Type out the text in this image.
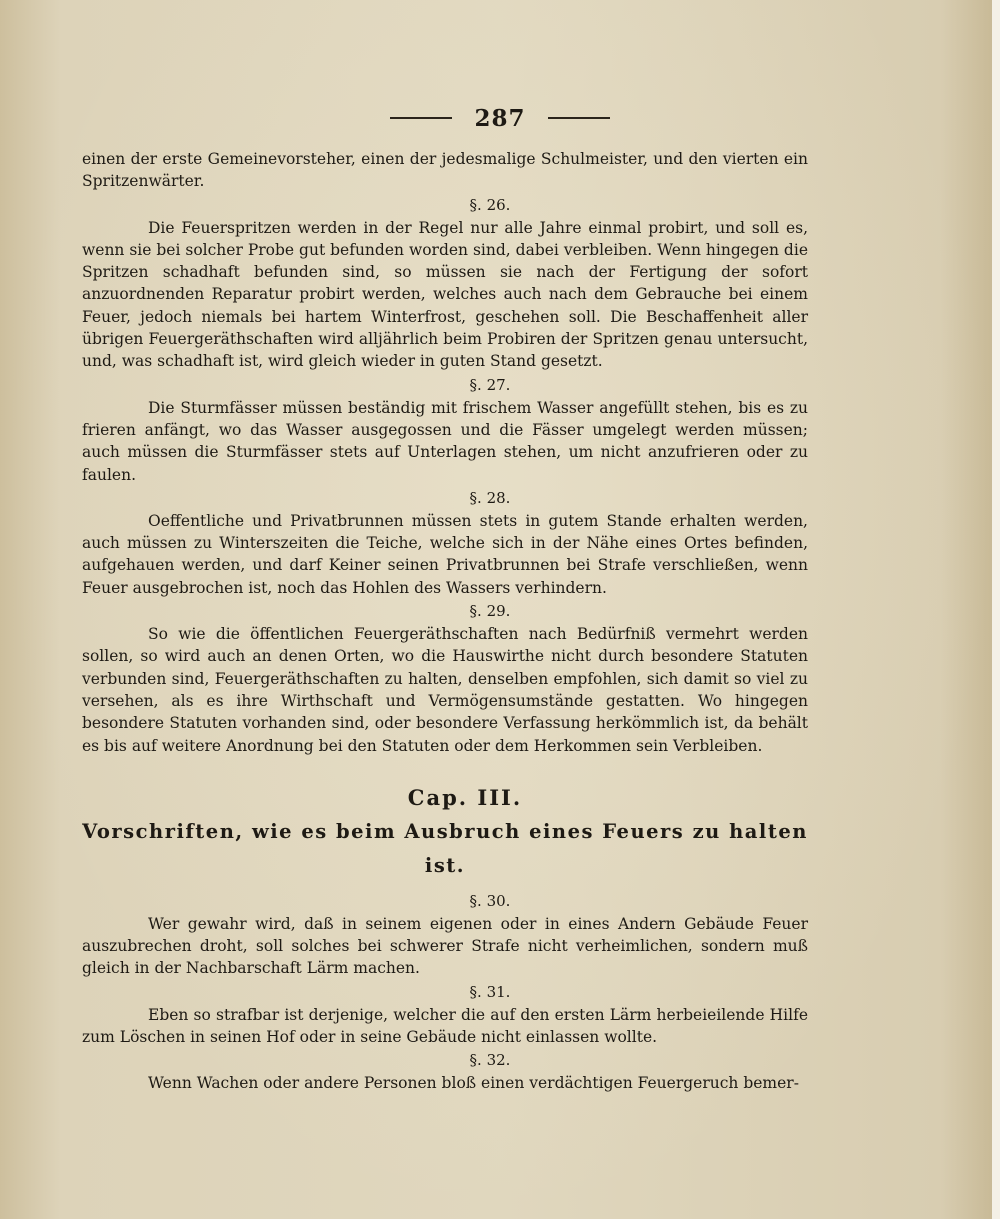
287

einen der erste Gemeinevorsteher, einen der jedesmalige Schulmeister, und den vierten ein Spritzenwärter.

§. 26.

Die Feuerspritzen werden in der Regel nur alle Jahre einmal probirt, und soll es, wenn sie bei solcher Probe gut befunden worden sind, dabei verbleiben. Wenn hingegen die Spritzen schadhaft befunden sind, so müssen sie nach der Fertigung der sofort anzuordnenden Reparatur probirt werden, welches auch nach dem Gebrauche bei einem Feuer, jedoch niemals bei hartem Winterfrost, geschehen soll. Die Beschaffenheit aller übrigen Feuergeräthschaften wird alljährlich beim Probiren der Spritzen genau untersucht, und, was schadhaft ist, wird gleich wieder in guten Stand gesetzt.

§. 27.

Die Sturmfässer müssen beständig mit frischem Wasser angefüllt stehen, bis es zu frieren anfängt, wo das Wasser ausgegossen und die Fässer umgelegt werden müssen; auch müssen die Sturmfässer stets auf Unterlagen stehen, um nicht anzufrieren oder zu faulen.

§. 28.

Oeffentliche und Privatbrunnen müssen stets in gutem Stande erhalten werden, auch müssen zu Winterszeiten die Teiche, welche sich in der Nähe eines Ortes befinden, aufgehauen werden, und darf Keiner seinen Privatbrunnen bei Strafe verschließen, wenn Feuer ausgebrochen ist, noch das Hohlen des Wassers verhindern.

§. 29.

So wie die öffentlichen Feuergeräthschaften nach Bedürfniß vermehrt werden sollen, so wird auch an denen Orten, wo die Hauswirthe nicht durch besondere Statuten verbunden sind, Feuergeräthschaften zu halten, denselben empfohlen, sich damit so viel zu versehen, als es ihre Wirthschaft und Vermögensumstände gestatten. Wo hingegen besondere Statuten vorhanden sind, oder besondere Verfassung herkömmlich ist, da behält es bis auf weitere Anordnung bei den Statuten oder dem Herkommen sein Verbleiben.

Cap. III.
Vorschriften, wie es beim Ausbruch eines Feuers zu halten ist.

§. 30.

Wer gewahr wird, daß in seinem eigenen oder in eines Andern Gebäude Feuer auszubrechen droht, soll solches bei schwerer Strafe nicht verheimlichen, sondern muß gleich in der Nachbarschaft Lärm machen.

§. 31.

Eben so strafbar ist derjenige, welcher die auf den ersten Lärm herbeieilende Hilfe zum Löschen in seinen Hof oder in seine Gebäude nicht einlassen wollte.

§. 32.

Wenn Wachen oder andere Personen bloß einen verdächtigen Feuergeruch bemer-
